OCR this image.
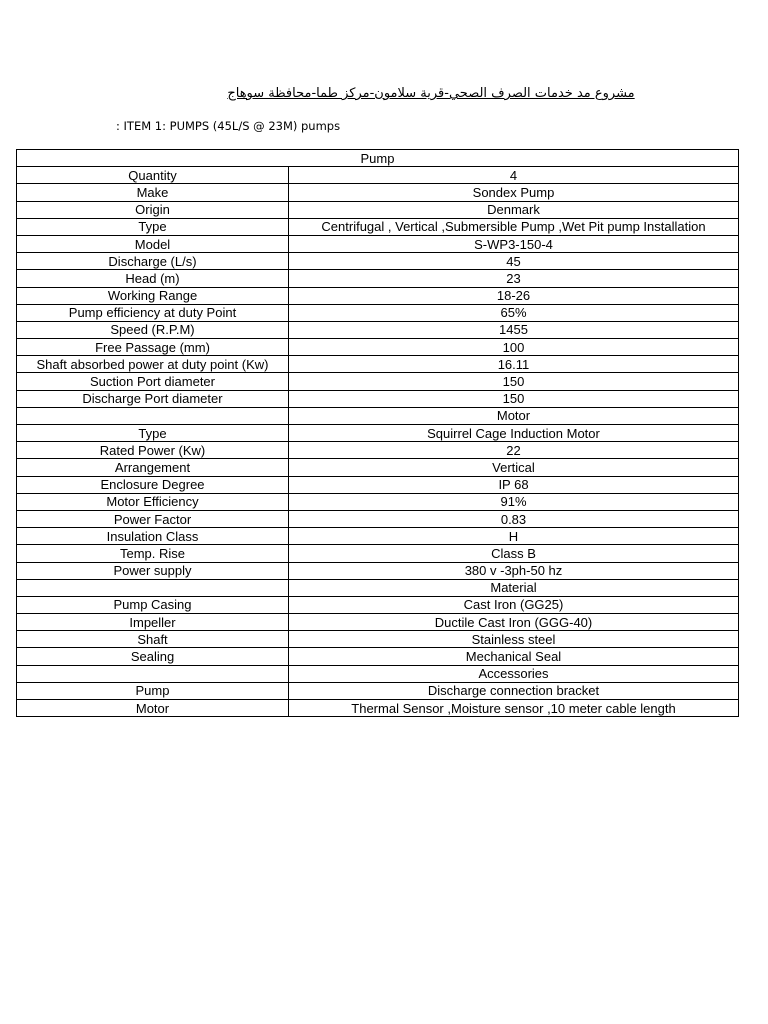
مشروع مد خدمات الصرف الصحي-قرية سلامون-مركز طما-محافظة سوهاج
: ITEM 1: PUMPS (45L/S @ 23M) pumps
Pump	
Quantity	4
Make	Sondex Pump
Origin	Denmark
Type	Centrifugal , Vertical ,Submersible Pump ,Wet Pit pump Installation
Model	S-WP3-150-4
Discharge (L/s)	45
Head (m)	23
Working Range	18-26
Pump efficiency at duty Point	65%
Speed (R.P.M)	1455
Free Passage (mm)	100
Shaft absorbed power at duty point (Kw)	16.11
Suction Port diameter	150
Discharge Port diameter	150
	Motor
Type	Squirrel Cage Induction Motor
Rated Power (Kw)	22
Arrangement	Vertical
Enclosure Degree	IP 68
Motor Efficiency	91%
Power Factor	0.83
Insulation Class	H
Temp. Rise	Class B
Power supply	380 v -3ph-50 hz
	Material
Pump Casing	Cast Iron (GG25)
Impeller	Ductile Cast Iron (GGG-40)
Shaft	Stainless steel
Sealing	Mechanical Seal
	Accessories
Pump	Discharge connection bracket
Motor	Thermal Sensor ,Moisture sensor ,10 meter cable length
